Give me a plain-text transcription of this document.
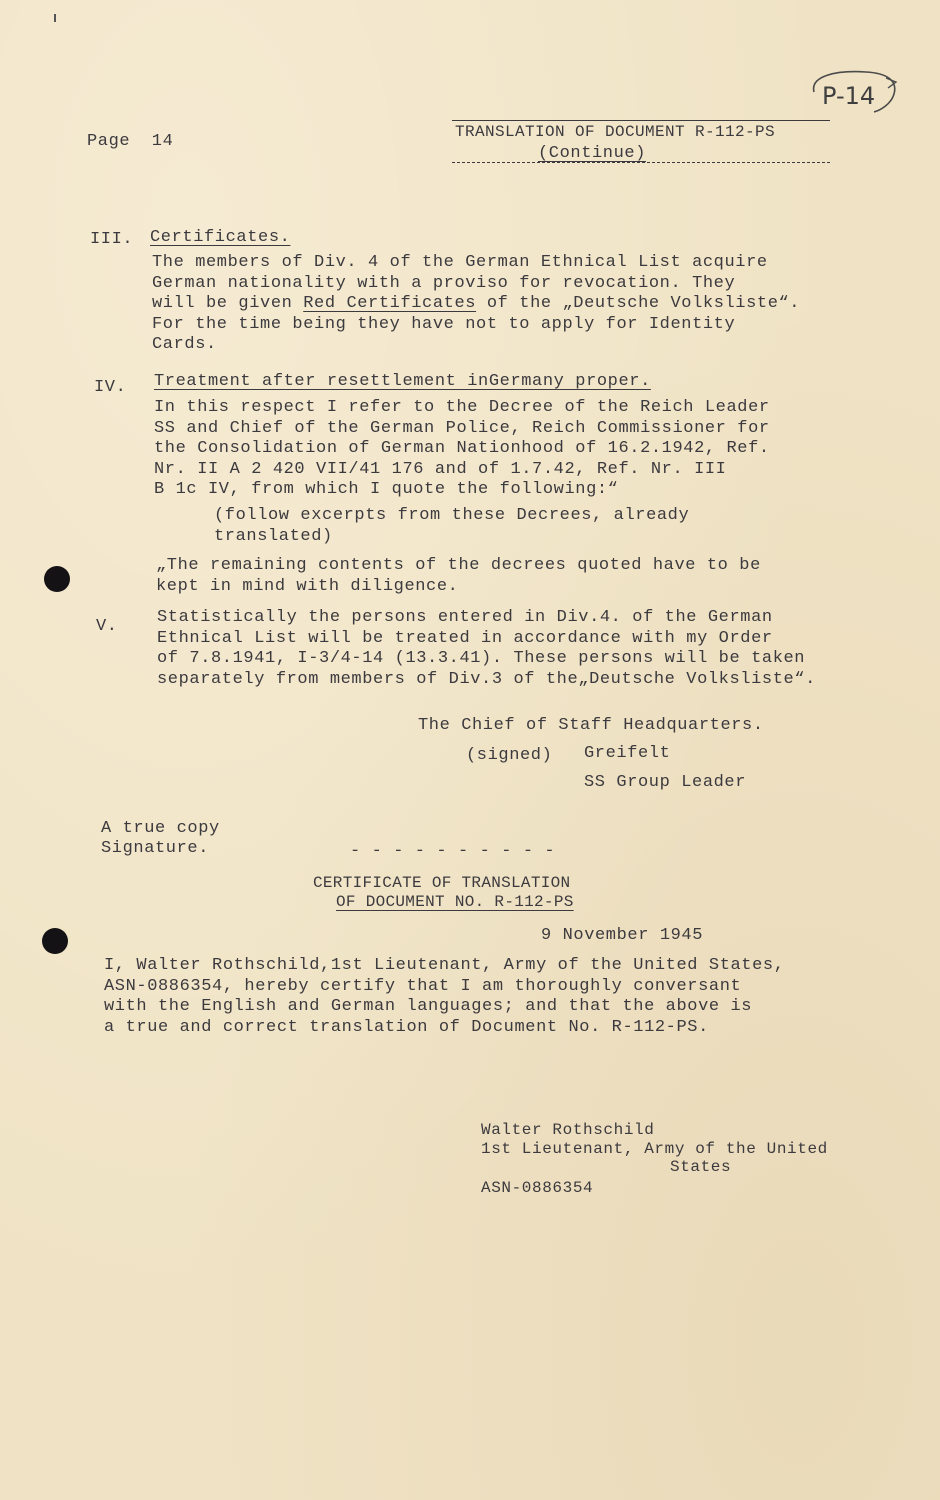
P-14
Page  14	TRANSLATION OF DOCUMENT R-112-PS
(Continue)
III. Certificates.
The members of Div. 4 of the German Ethnical List acquire
German nationality with a proviso for revocation. They
will be given Red Certificates of the „Deutsche Volksliste“.
For the time being they have not to apply for Identity
Cards.
IV. Treatment after resettlement inGermany proper.
In this respect I refer to the Decree of the Reich Leader
SS and Chief of the German Police, Reich Commissioner for
the Consolidation of German Nationhood of 16.2.1942, Ref.
Nr. II A 2 420 VII/41 176 and of 1.7.42, Ref. Nr. III
B 1c IV, from which I quote the following:“
(follow excerpts from these Decrees, already
translated)
„The remaining contents of the decrees quoted have to be
kept in mind with diligence.
V. Statistically the persons entered in Div.4. of the German
Ethnical List will be treated in accordance with my Order
of 7.8.1941, I-3/4-14 (13.3.41). These persons will be taken
separately from members of Div.3 of the„Deutsche Volksliste“.
The Chief of Staff Headquarters.
(signed) Greifelt
SS Group Leader
A true copy
Signature.	- - - - - - - - - -
CERTIFICATE OF TRANSLATION
OF DOCUMENT NO. R-112-PS
9 November 1945
I, Walter Rothschild,1st Lieutenant, Army of the United States,
ASN-0886354, hereby certify that I am thoroughly conversant
with the English and German languages; and that the above is
a true and correct translation of Document No. R-112-PS.
Walter Rothschild
1st Lieutenant, Army of the United
States
ASN-0886354
